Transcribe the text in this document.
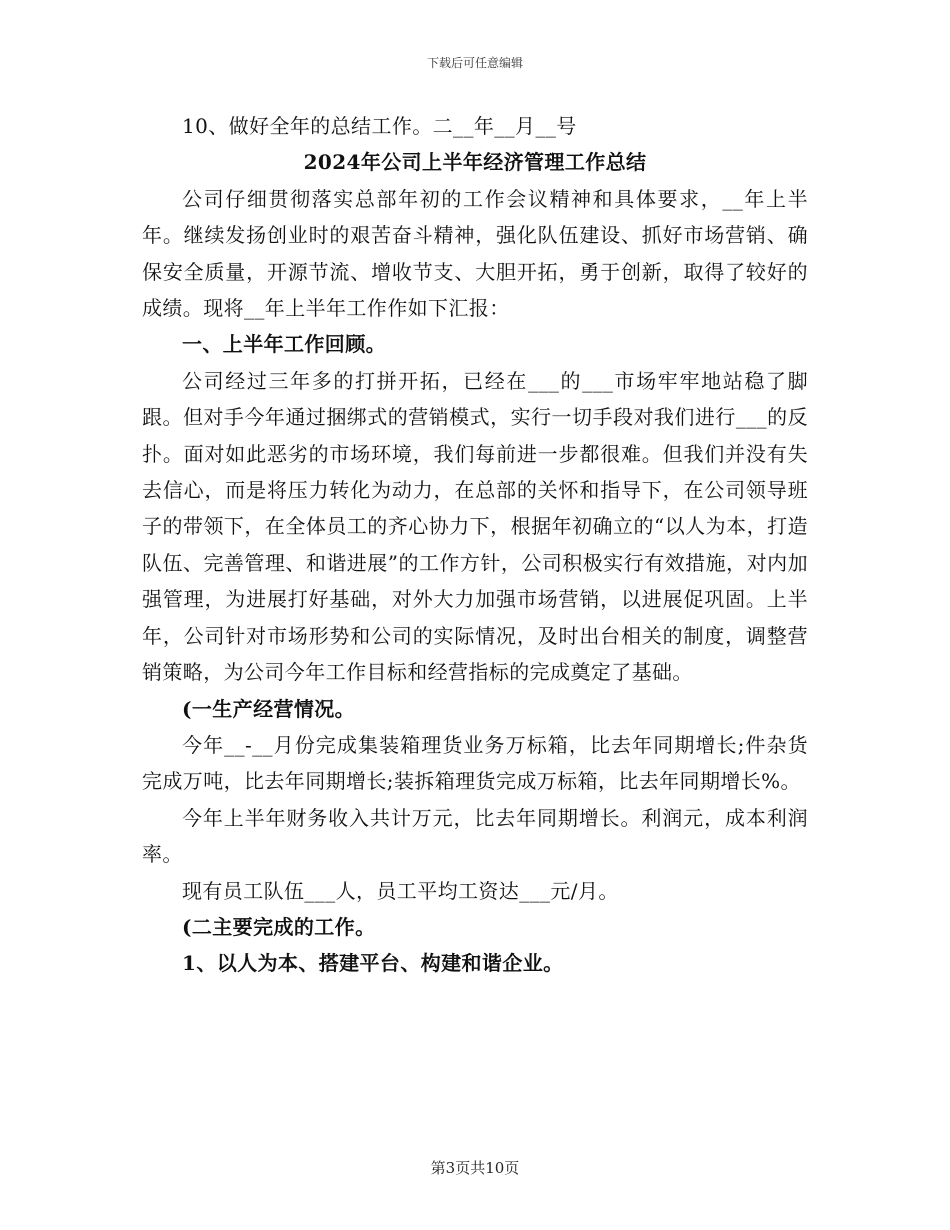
下载后可任意编辑

10、做好全年的总结工作。二__年__月__号

2024年公司上半年经济管理工作总结

公司仔细贯彻落实总部年初的工作会议精神和具体要求，__年上半年。继续发扬创业时的艰苦奋斗精神，强化队伍建设、抓好市场营销、确保安全质量，开源节流、增收节支、大胆开拓，勇于创新，取得了较好的成绩。现将__年上半年工作作如下汇报：

一、上半年工作回顾。

公司经过三年多的打拼开拓，已经在___的___市场牢牢地站稳了脚跟。但对手今年通过捆绑式的营销模式，实行一切手段对我们进行___的反扑。面对如此恶劣的市场环境，我们每前进一步都很难。但我们并没有失去信心，而是将压力转化为动力，在总部的关怀和指导下，在公司领导班子的带领下，在全体员工的齐心协力下，根据年初确立的“以人为本，打造队伍、完善管理、和谐进展”的工作方针，公司积极实行有效措施，对内加强管理，为进展打好基础，对外大力加强市场营销，以进展促巩固。上半年，公司针对市场形势和公司的实际情况，及时出台相关的制度，调整营销策略，为公司今年工作目标和经营指标的完成奠定了基础。

(一生产经营情况。

今年__-__月份完成集装箱理货业务万标箱，比去年同期增长;件杂货完成万吨，比去年同期增长;装拆箱理货完成万标箱，比去年同期增长%。

今年上半年财务收入共计万元，比去年同期增长。利润元，成本利润率。

现有员工队伍___人，员工平均工资达___元/月。

(二主要完成的工作。

1、以人为本、搭建平台、构建和谐企业。

第3页共10页
